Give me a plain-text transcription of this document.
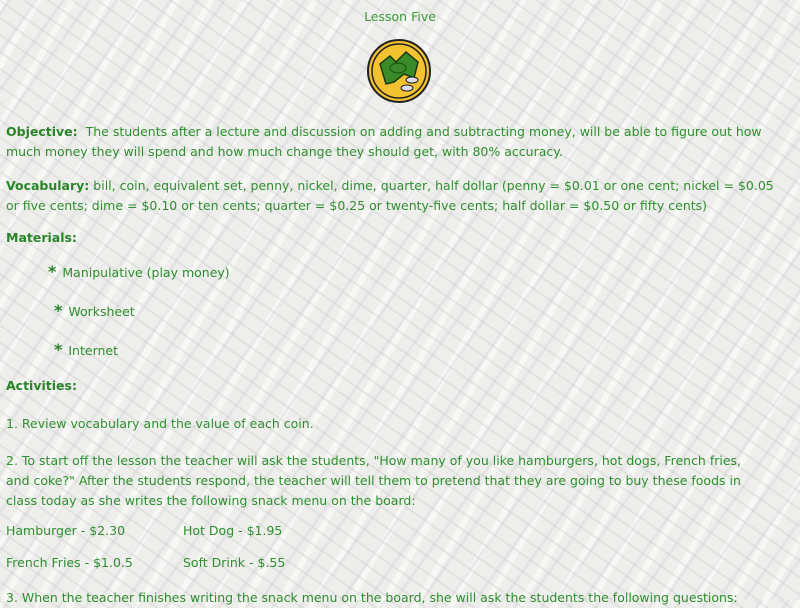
Lesson Five
Objective: The students after a lecture and discussion on adding and subtracting money, will be able to figure out how
much money they will spend and how much change they should get, with 80% accuracy.
Vocabulary: bill, coin, equivalent set, penny, nickel, dime, quarter, half dollar (penny = $0.01 or one cent; nickel = $0.05
or five cents; dime = $0.10 or ten cents; quarter = $0.25 or twenty-five cents; half dollar = $0.50 or fifty cents)
Materials:
* Manipulative (play money)
* Worksheet
* Internet
Activities:
1. Review vocabulary and the value of each coin.
2. To start off the lesson the teacher will ask the students, "How many of you like hamburgers, hot dogs, French fries,
and coke?" After the students respond, the teacher will tell them to pretend that they are going to buy these foods in
class today as she writes the following snack menu on the board:
Hamburger - $2.30	Hot Dog - $1.95
French Fries - $1.0.5	Soft Drink - $.55
3. When the teacher finishes writing the snack menu on the board, she will ask the students the following questions:
